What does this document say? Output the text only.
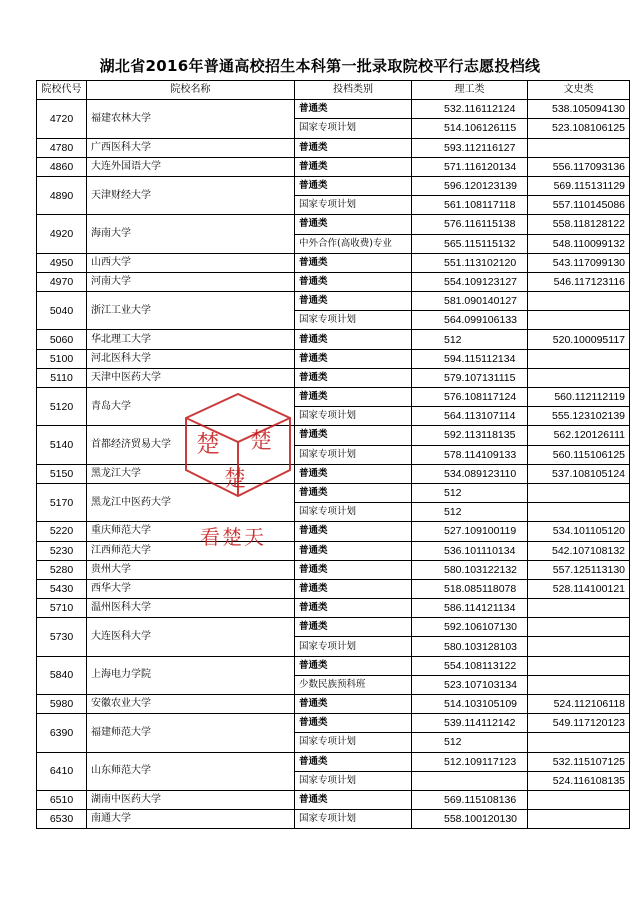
湖北省2016年普通高校招生本科第一批录取院校平行志愿投档线
院校代号	院校名称	投档类别	理工类	文史类
4720	福建农林大学	普通类	532.116112124	538.105094130
		国家专项计划	514.106126115	523.108106125
4780	广西医科大学	普通类	593.112116127	
4860	大连外国语大学	普通类	571.116120134	556.117093136
4890	天津财经大学	普通类	596.120123139	569.115131129
		国家专项计划	561.108117118	557.110145086
4920	海南大学	普通类	576.116115138	558.118128122
		中外合作(高收费)专业	565.115115132	548.110099132
4950	山西大学	普通类	551.113102120	543.117099130
4970	河南大学	普通类	554.109123127	546.117123116
5040	浙江工业大学	普通类	581.090140127	
		国家专项计划	564.099106133	
5060	华北理工大学	普通类	512	520.100095117
5100	河北医科大学	普通类	594.115112134	
5110	天津中医药大学	普通类	579.107131115	
5120	青岛大学	普通类	576.108117124	560.112112119
		国家专项计划	564.113107114	555.123102139
5140	首都经济贸易大学	普通类	592.113118135	562.120126111
		国家专项计划	578.114109133	560.115106125
5150	黑龙江大学	普通类	534.089123110	537.108105124
5170	黑龙江中医药大学	普通类	512	
		国家专项计划	512	
5220	重庆师范大学	普通类	527.109100119	534.101105120
5230	江西师范大学	普通类	536.101110134	542.107108132
5280	贵州大学	普通类	580.103122132	557.125113130
5430	西华大学	普通类	518.085118078	528.114100121
5710	温州医科大学	普通类	586.114121134	
5730	大连医科大学	普通类	592.106107130	
		国家专项计划	580.103128103	
5840	上海电力学院	普通类	554.108113122	
		少数民族预科班	523.107103134	
5980	安徽农业大学	普通类	514.103105109	524.112106118
6390	福建师范大学	普通类	539.114112142	549.117120123
		国家专项计划	512	
6410	山东师范大学	普通类	512.109117123	532.115107125
		国家专项计划		524.116108135
6510	湖南中医药大学	普通类	569.115108136	
6530	南通大学	国家专项计划	558.100120130	
楚 楚
楚
看楚天
